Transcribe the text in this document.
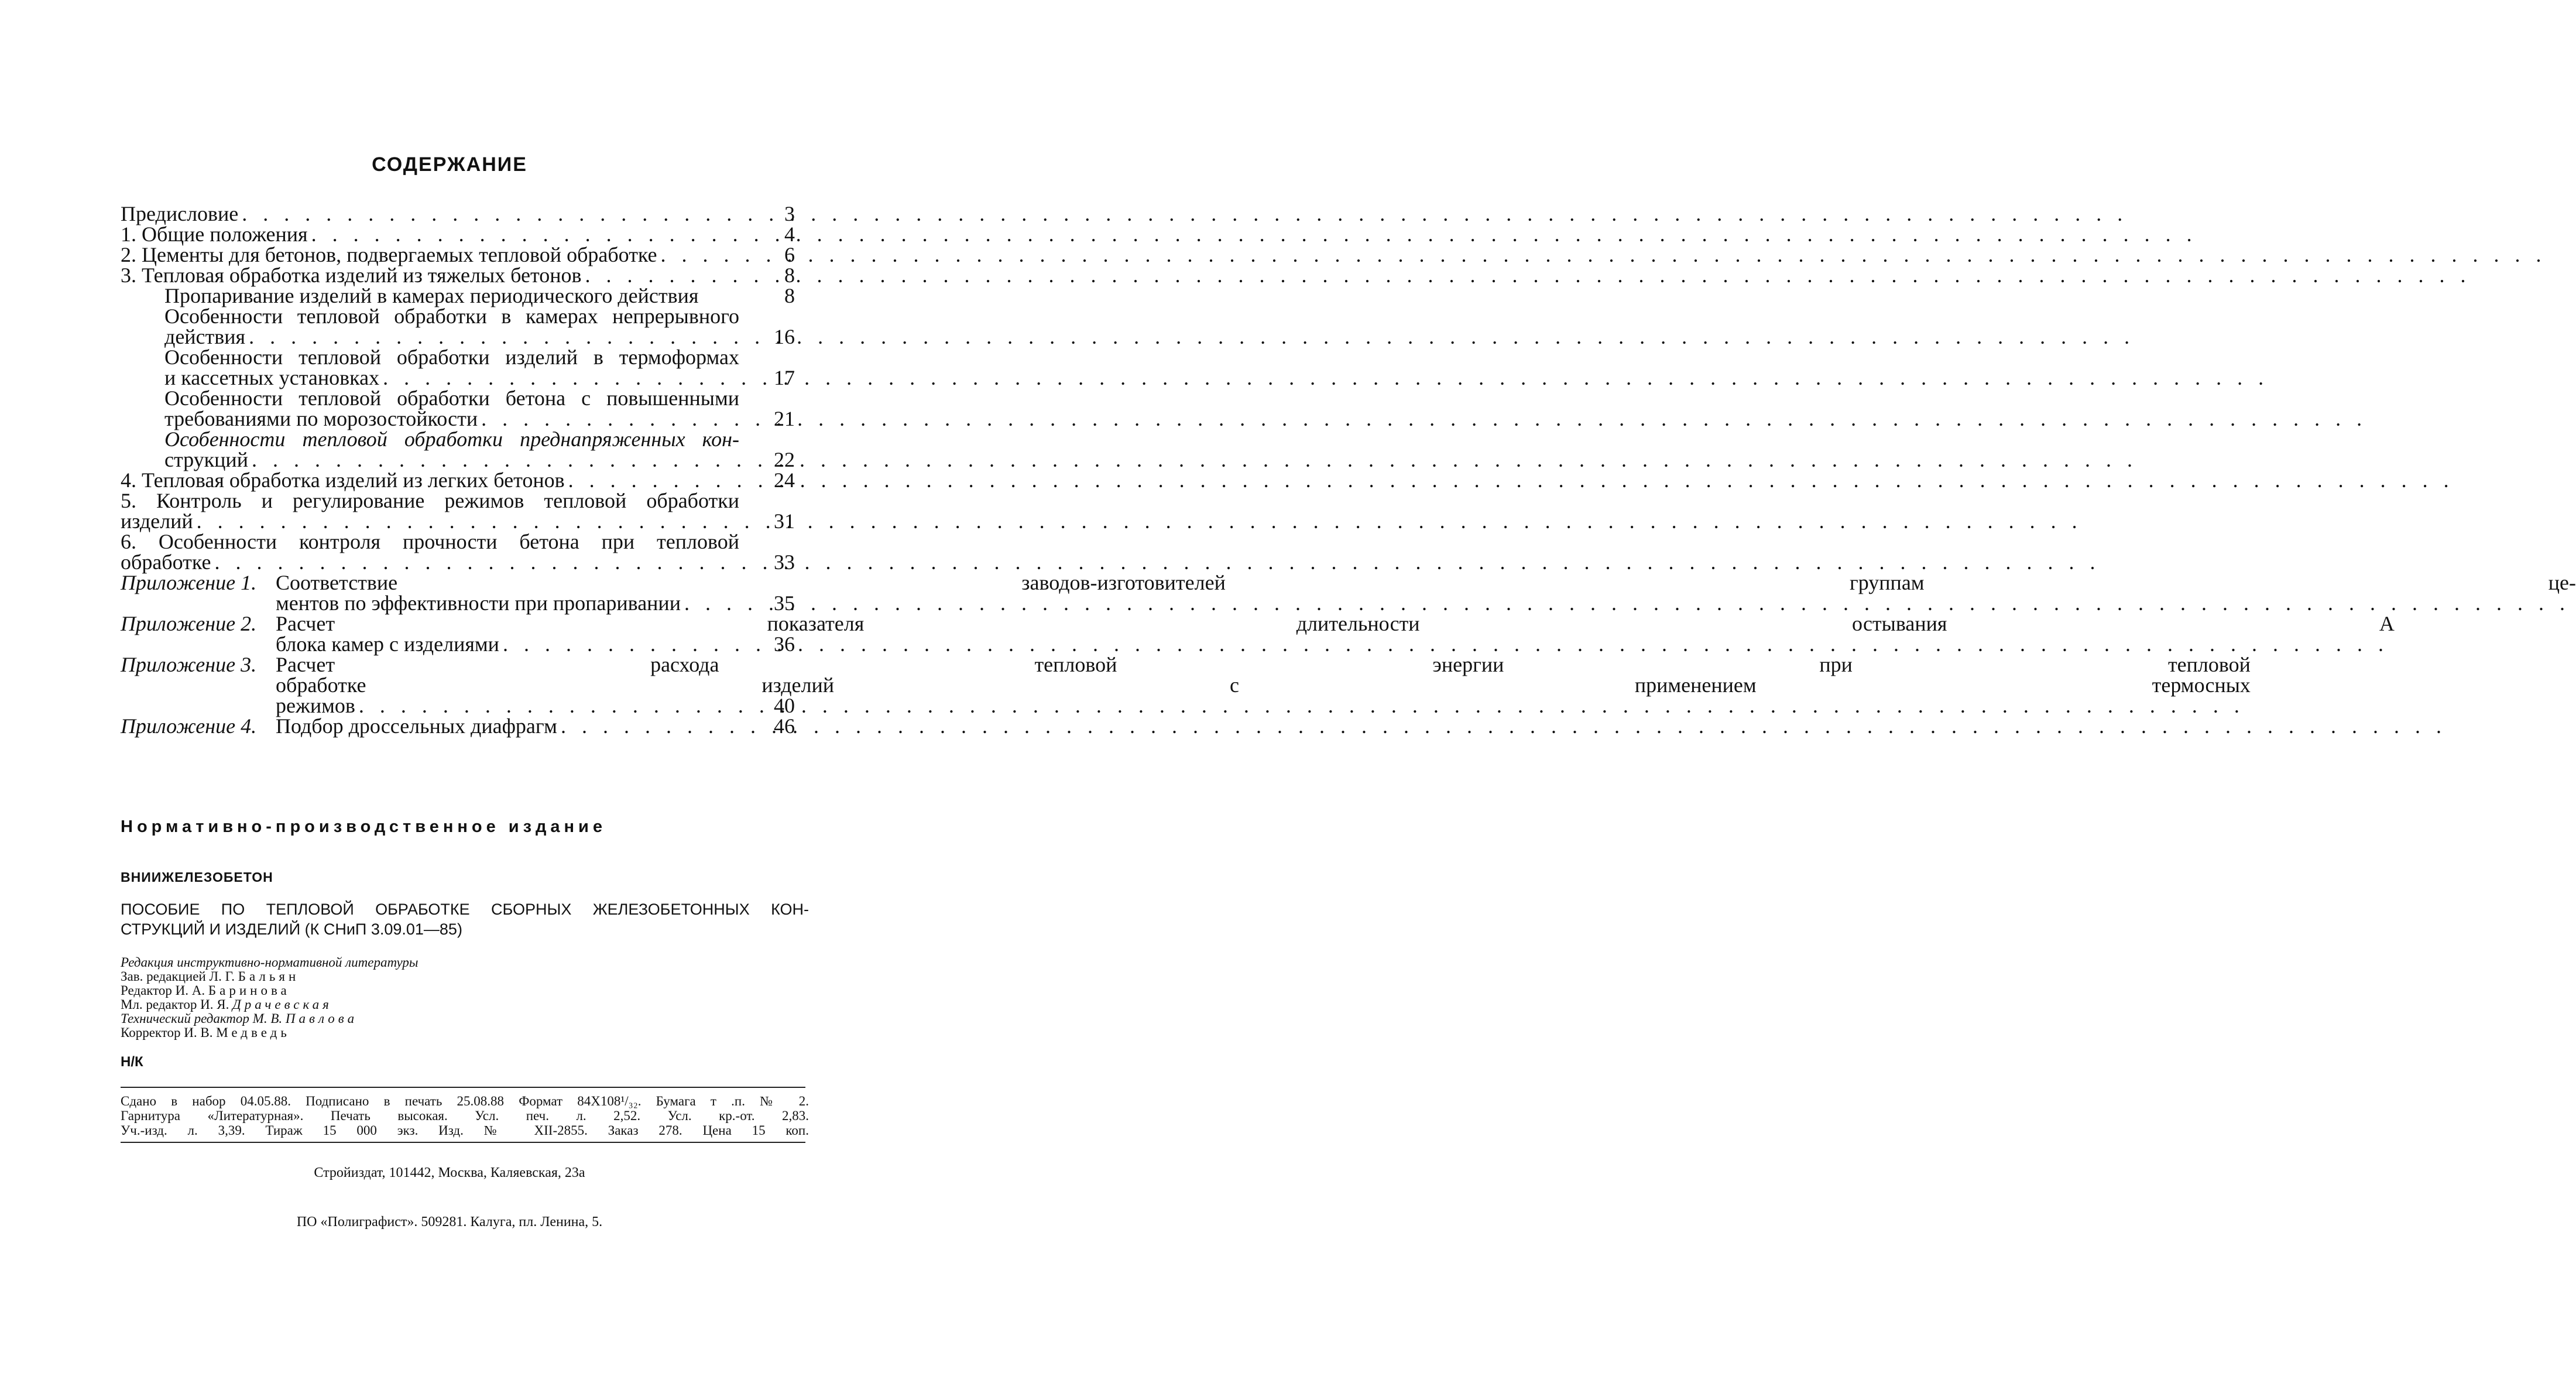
СОДЕРЖАНИЕ
Предисловие . . .	3
1. Общие положения . . .	4
2. Цементы для бетонов, подвергаемых тепловой обработке . . .	6
3. Тепловая обработка изделий из тяжелых бетонов . . .	8
Пропаривание изделий в камерах периодического действия	8
Особенности тепловой обработки в камерах непрерывного
действия . . .	16
Особенности тепловой обработки изделий в термоформах
и кассетных установках . . .	17
Особенности тепловой обработки бетона с повышенными
требованиями по морозостойкости . . .	21
Особенности тепловой обработки преднапряженных кон-
струкций . . .	22
4. Тепловая обработка изделий из легких бетонов . . .	24
5. Контроль и регулирование режимов тепловой обработки
изделий . . .	31
6. Особенности контроля прочности бетона при тепловой
обработке . . .	33
Приложение 1. Соответствие заводов-изготовителей группам це-
ментов по эффективности при пропаривании . . .	35
Приложение 2. Расчет показателя длительности остывания А
блока камер с изделиями . . .	36
Приложение 3. Расчет расхода тепловой энергии при тепловой
обработке изделий с применением термосных
режимов . . .	40
Приложение 4. Подбор дроссельных диафрагм . . .	46
Нормативно-производственное издание
ВНИИЖЕЛЕЗОБЕТОН
ПОСОБИЕ ПО ТЕПЛОВОЙ ОБРАБОТКЕ СБОРНЫХ ЖЕЛЕЗОБЕТОННЫХ КОН-
СТРУКЦИЙ И ИЗДЕЛИЙ (К СНиП 3.09.01—85)
Редакция инструктивно-нормативной литературы
Зав. редакцией Л. Г. Бальян
Редактор И. А. Баринова
Мл. редактор И. Я. Драчевская
Технический редактор М. В. Павлова
Корректор И. В. Медведь
Н/К
Сдано в набор 04.05.88. Подписано в печать 25.08.88 Формат 84X108¹/₃₂. Бумага т .п. № 2.
Гарнитура «Литературная». Печать высокая. Усл. печ. л. 2,52. Усл. кр.-от. 2,83.
Уч.-изд. л. 3,39. Тираж 15 000 экз. Изд. № XII-2855. Заказ 278. Цена 15 коп.
Стройиздат, 101442, Москва, Каляевская, 23а
ПО «Полиграфист». 509281. Калуга, пл. Ленина, 5.
